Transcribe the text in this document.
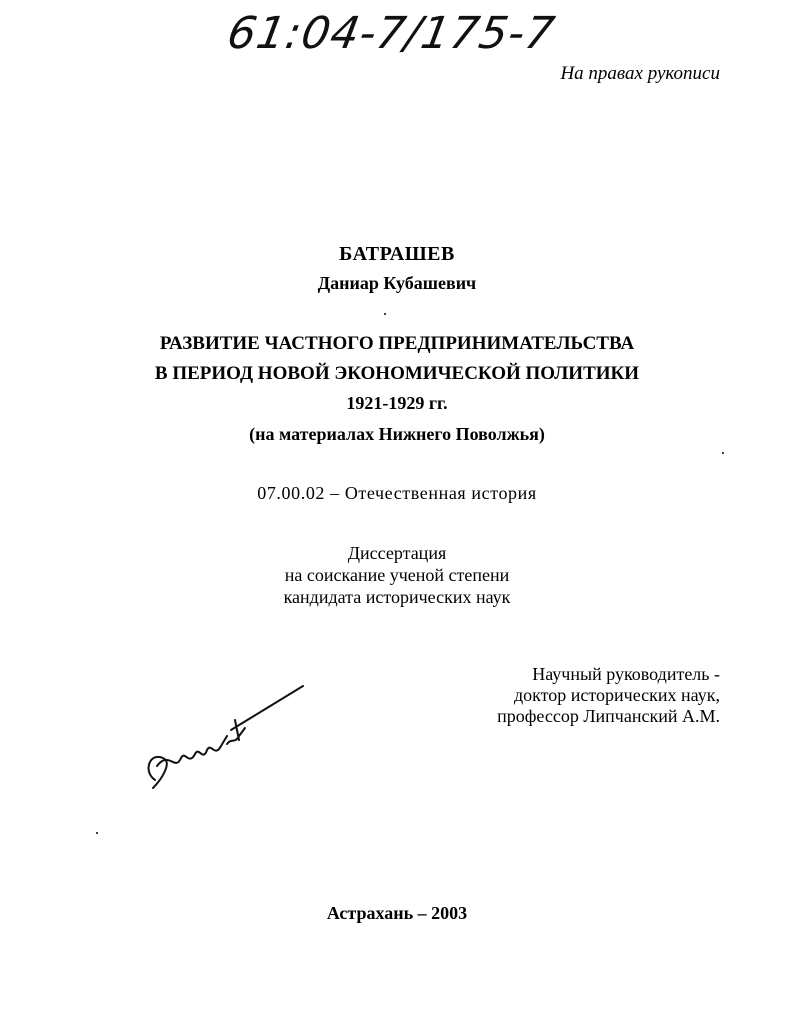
61:04-7/175-7
На правах рукописи
БАТРАШЕВ
Даниар Кубашевич
РАЗВИТИЕ ЧАСТНОГО ПРЕДПРИНИМАТЕЛЬСТВА
В ПЕРИОД НОВОЙ ЭКОНОМИЧЕСКОЙ ПОЛИТИКИ
1921-1929 гг.
(на материалах Нижнего Поволжья)
07.00.02 – Отечественная история
Диссертация
на соискание ученой степени
кандидата исторических наук
Научный руководитель -
доктор исторических наук,
профессор Липчанский А.М.
Астрахань – 2003
